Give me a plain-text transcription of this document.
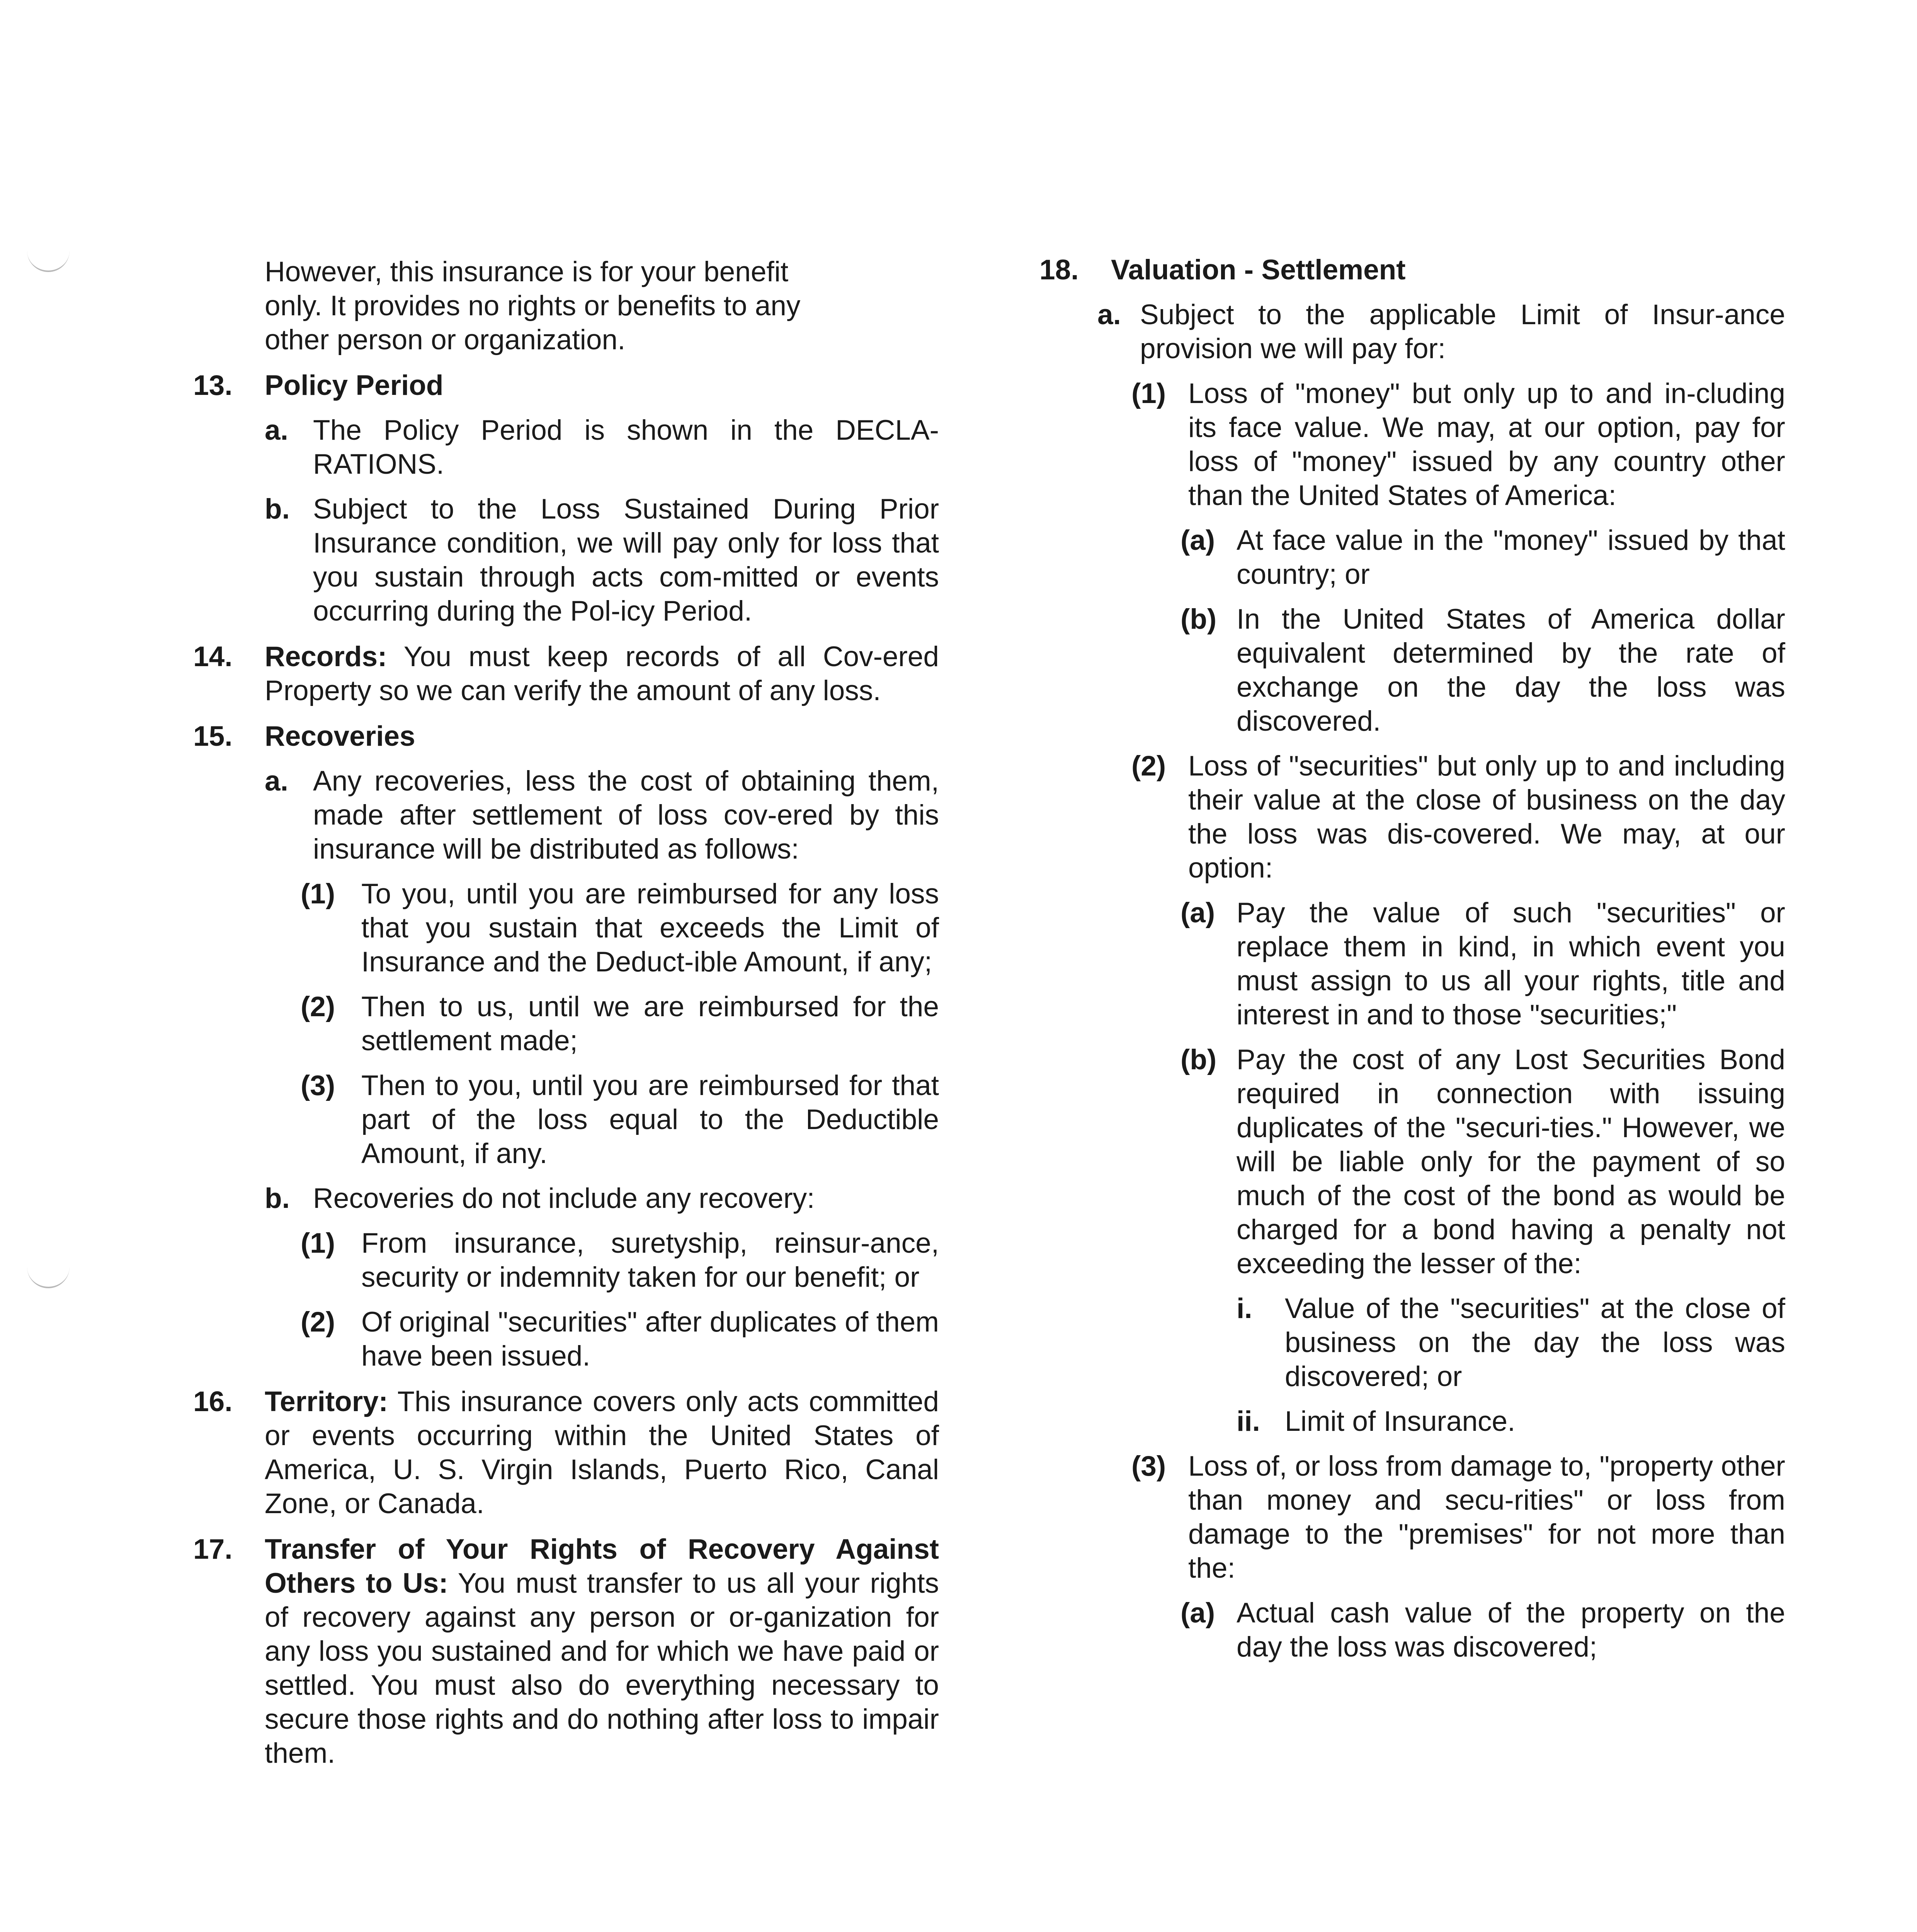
However, this insurance is for your benefit
only. It provides no rights or benefits to any
other person or organization.
13. Policy Period
a. The Policy Period is shown in the DECLA-RATIONS.

b. Subject to the Loss Sustained During Prior Insurance condition, we will pay only for loss that you sustain through acts com-mitted or events occurring during the Pol-icy Period.

14. Records: You must keep records of all Cov-ered Property so we can verify the amount of any loss.

15. Recoveries
a. Any recoveries, less the cost of obtaining them, made after settlement of loss cov-ered by this insurance will be distributed as follows:

(1) To you, until you are reimbursed for any loss that you sustain that exceeds the Limit of Insurance and the Deduct-ible Amount, if any;

(2) Then to us, until we are reimbursed for the settlement made;

(3) Then to you, until you are reimbursed for that part of the loss equal to the Deductible Amount, if any.

b. Recoveries do not include any recovery:

(1) From insurance, suretyship, reinsur-ance, security or indemnity taken for our benefit; or

(2) Of original "securities" after duplicates of them have been issued.

16. Territory: This insurance covers only acts committed or events occurring within the United States of America, U. S. Virgin Islands, Puerto Rico, Canal Zone, or Canada.

17. Transfer of Your Rights of Recovery Against Others to Us: You must transfer to us all your rights of recovery against any person or or-ganization for any loss you sustained and for which we have paid or settled. You must also do everything necessary to secure those rights and do nothing after loss to impair them.

18. Valuation - Settlement
a. Subject to the applicable Limit of Insur-ance provision we will pay for:

(1) Loss of "money" but only up to and in-cluding its face value. We may, at our option, pay for loss of "money" issued by any country other than the United States of America:

(a) At face value in the "money" issued by that country; or

(b) In the United States of America dollar equivalent determined by the rate of exchange on the day the loss was discovered.

(2) Loss of "securities" but only up to and including their value at the close of business on the day the loss was dis-covered. We may, at our option:

(a) Pay the value of such "securities" or replace them in kind, in which event you must assign to us all your rights, title and interest in and to those "securities;"

(b) Pay the cost of any Lost Securities Bond required in connection with issuing duplicates of the "securi-ties." However, we will be liable only for the payment of so much of the cost of the bond as would be charged for a bond having a penalty not exceeding the lesser of the:

i. Value of the "securities" at the close of business on the day the loss was discovered; or

ii. Limit of Insurance.

(3) Loss of, or loss from damage to, "property other than money and secu-rities" or loss from damage to the "premises" for not more than the:

(a) Actual cash value of the property on the day the loss was discovered;
